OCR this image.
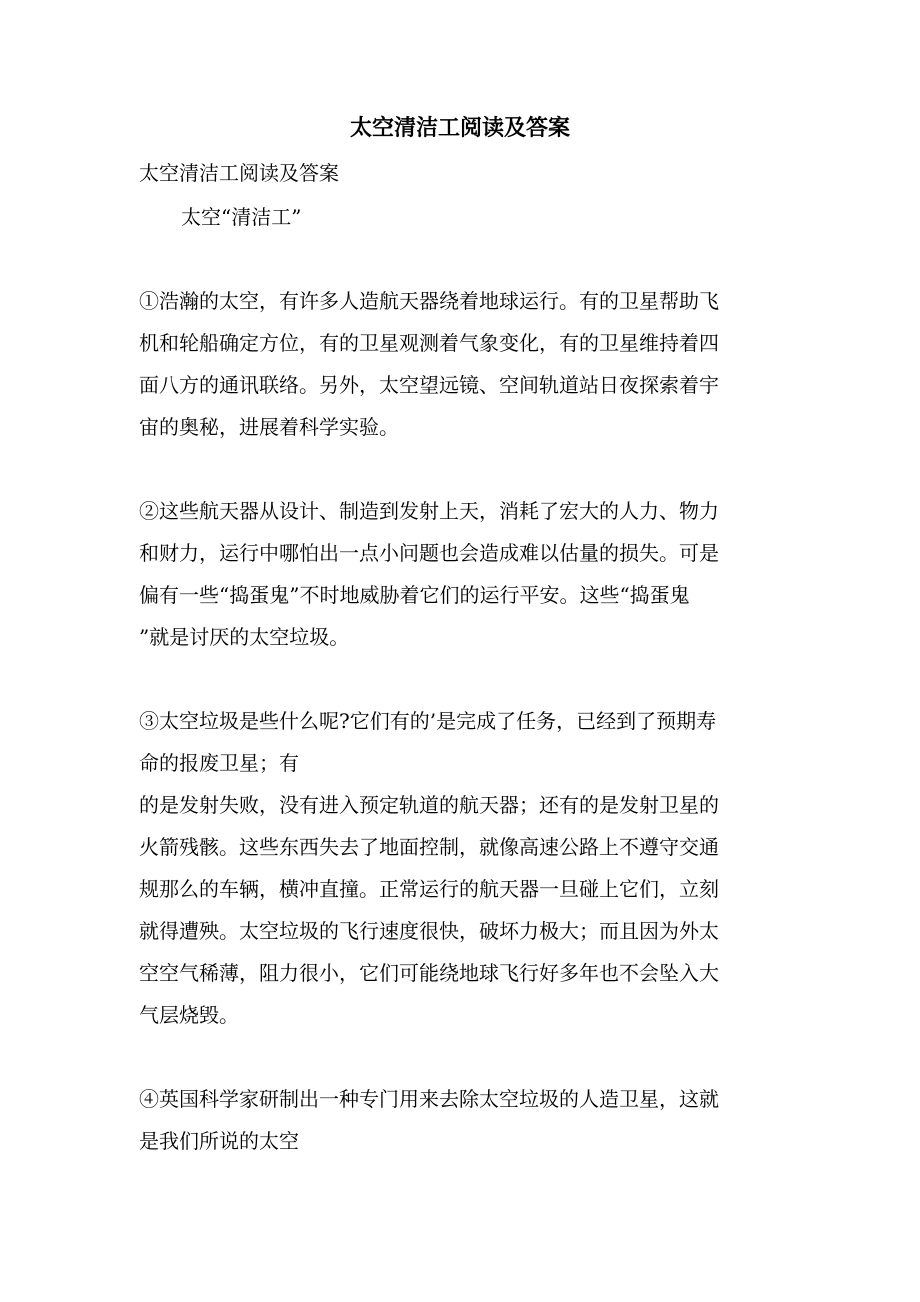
太空清洁工阅读及答案
太空清洁工阅读及答案
太空“清洁工”
①浩瀚的太空，有许多人造航天器绕着地球运行。有的卫星帮助飞
机和轮船确定方位，有的卫星观测着气象变化，有的卫星维持着四
面八方的通讯联络。另外，太空望远镜、空间轨道站日夜探索着宇
宙的奥秘，进展着科学实验。
②这些航天器从设计、制造到发射上天，消耗了宏大的人力、物力
和财力，运行中哪怕出一点小问题也会造成难以估量的损失。可是
偏有一些“捣蛋鬼”不时地威胁着它们的运行平安。这些“捣蛋鬼
”就是讨厌的太空垃圾。
③太空垃圾是些什么呢?它们有的’是完成了任务，已经到了预期寿
命的报废卫星；有
的是发射失败，没有进入预定轨道的航天器；还有的是发射卫星的
火箭残骸。这些东西失去了地面控制，就像高速公路上不遵守交通
规那么的车辆，横冲直撞。正常运行的航天器一旦碰上它们，立刻
就得遭殃。太空垃圾的飞行速度很快，破坏力极大；而且因为外太
空空气稀薄，阻力很小，它们可能绕地球飞行好多年也不会坠入大
气层烧毁。
④英国科学家研制出一种专门用来去除太空垃圾的人造卫星，这就
是我们所说的太空
